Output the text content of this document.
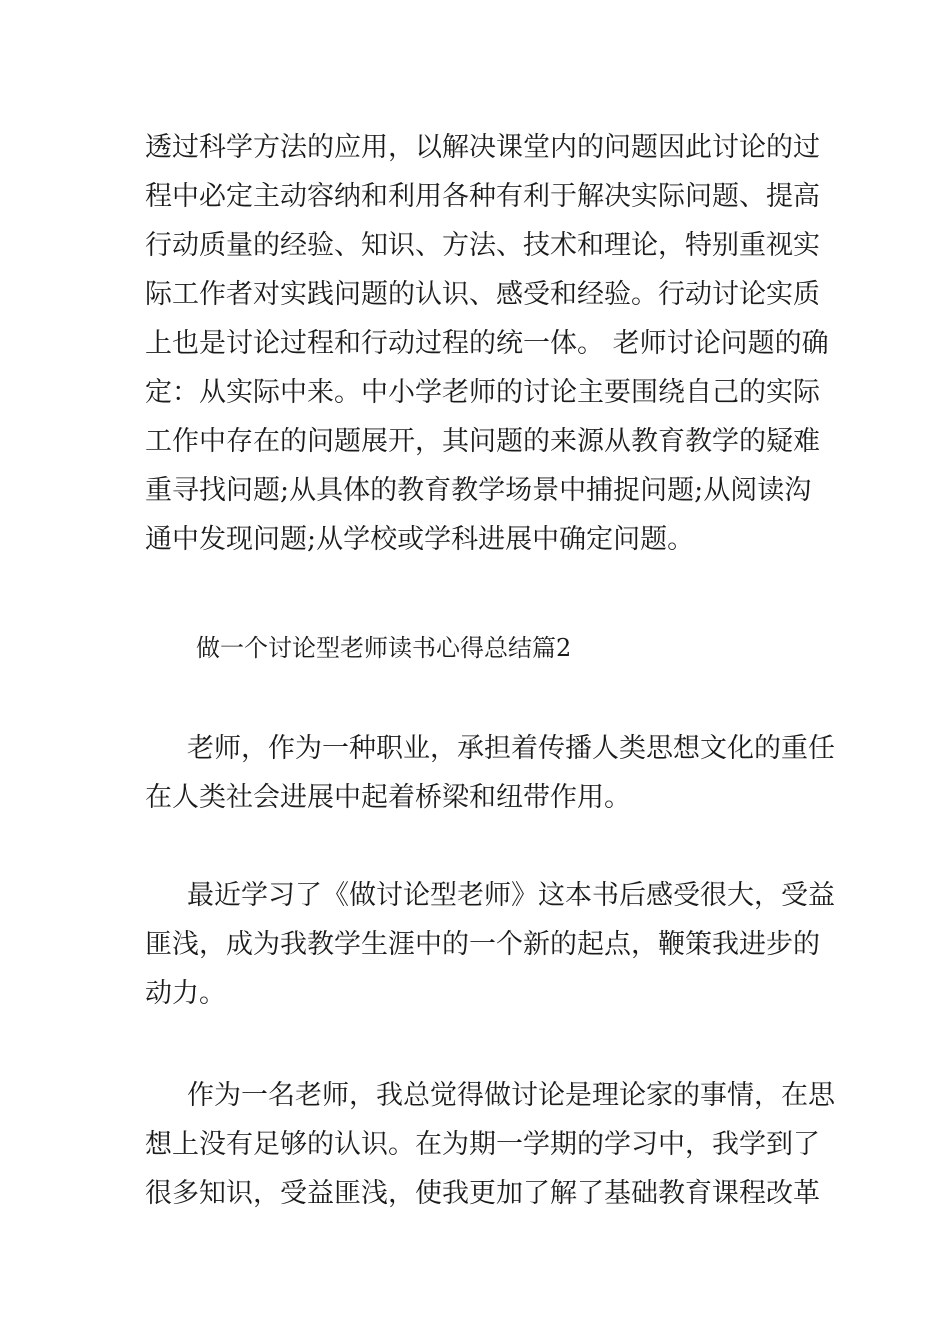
透过科学方法的应用，以解决课堂内的问题因此讨论的过
程中必定主动容纳和利用各种有利于解决实际问题、提高
行动质量的经验、知识、方法、技术和理论，特别重视实
际工作者对实践问题的认识、感受和经验。行动讨论实质
上也是讨论过程和行动过程的统一体。 老师讨论问题的确
定：从实际中来。中小学老师的讨论主要围绕自己的实际
工作中存在的问题展开，其问题的来源从教育教学的疑难
重寻找问题;从具体的教育教学场景中捕捉问题;从阅读沟
通中发现问题;从学校或学科进展中确定问题。
做一个讨论型老师读书心得总结篇2
老师，作为一种职业，承担着传播人类思想文化的重任
在人类社会进展中起着桥梁和纽带作用。
最近学习了《做讨论型老师》这本书后感受很大，受益
匪浅，成为我教学生涯中的一个新的起点，鞭策我进步的
动力。
作为一名老师，我总觉得做讨论是理论家的事情，在思
想上没有足够的认识。在为期一学期的学习中，我学到了
很多知识，受益匪浅，使我更加了解了基础教育课程改革
